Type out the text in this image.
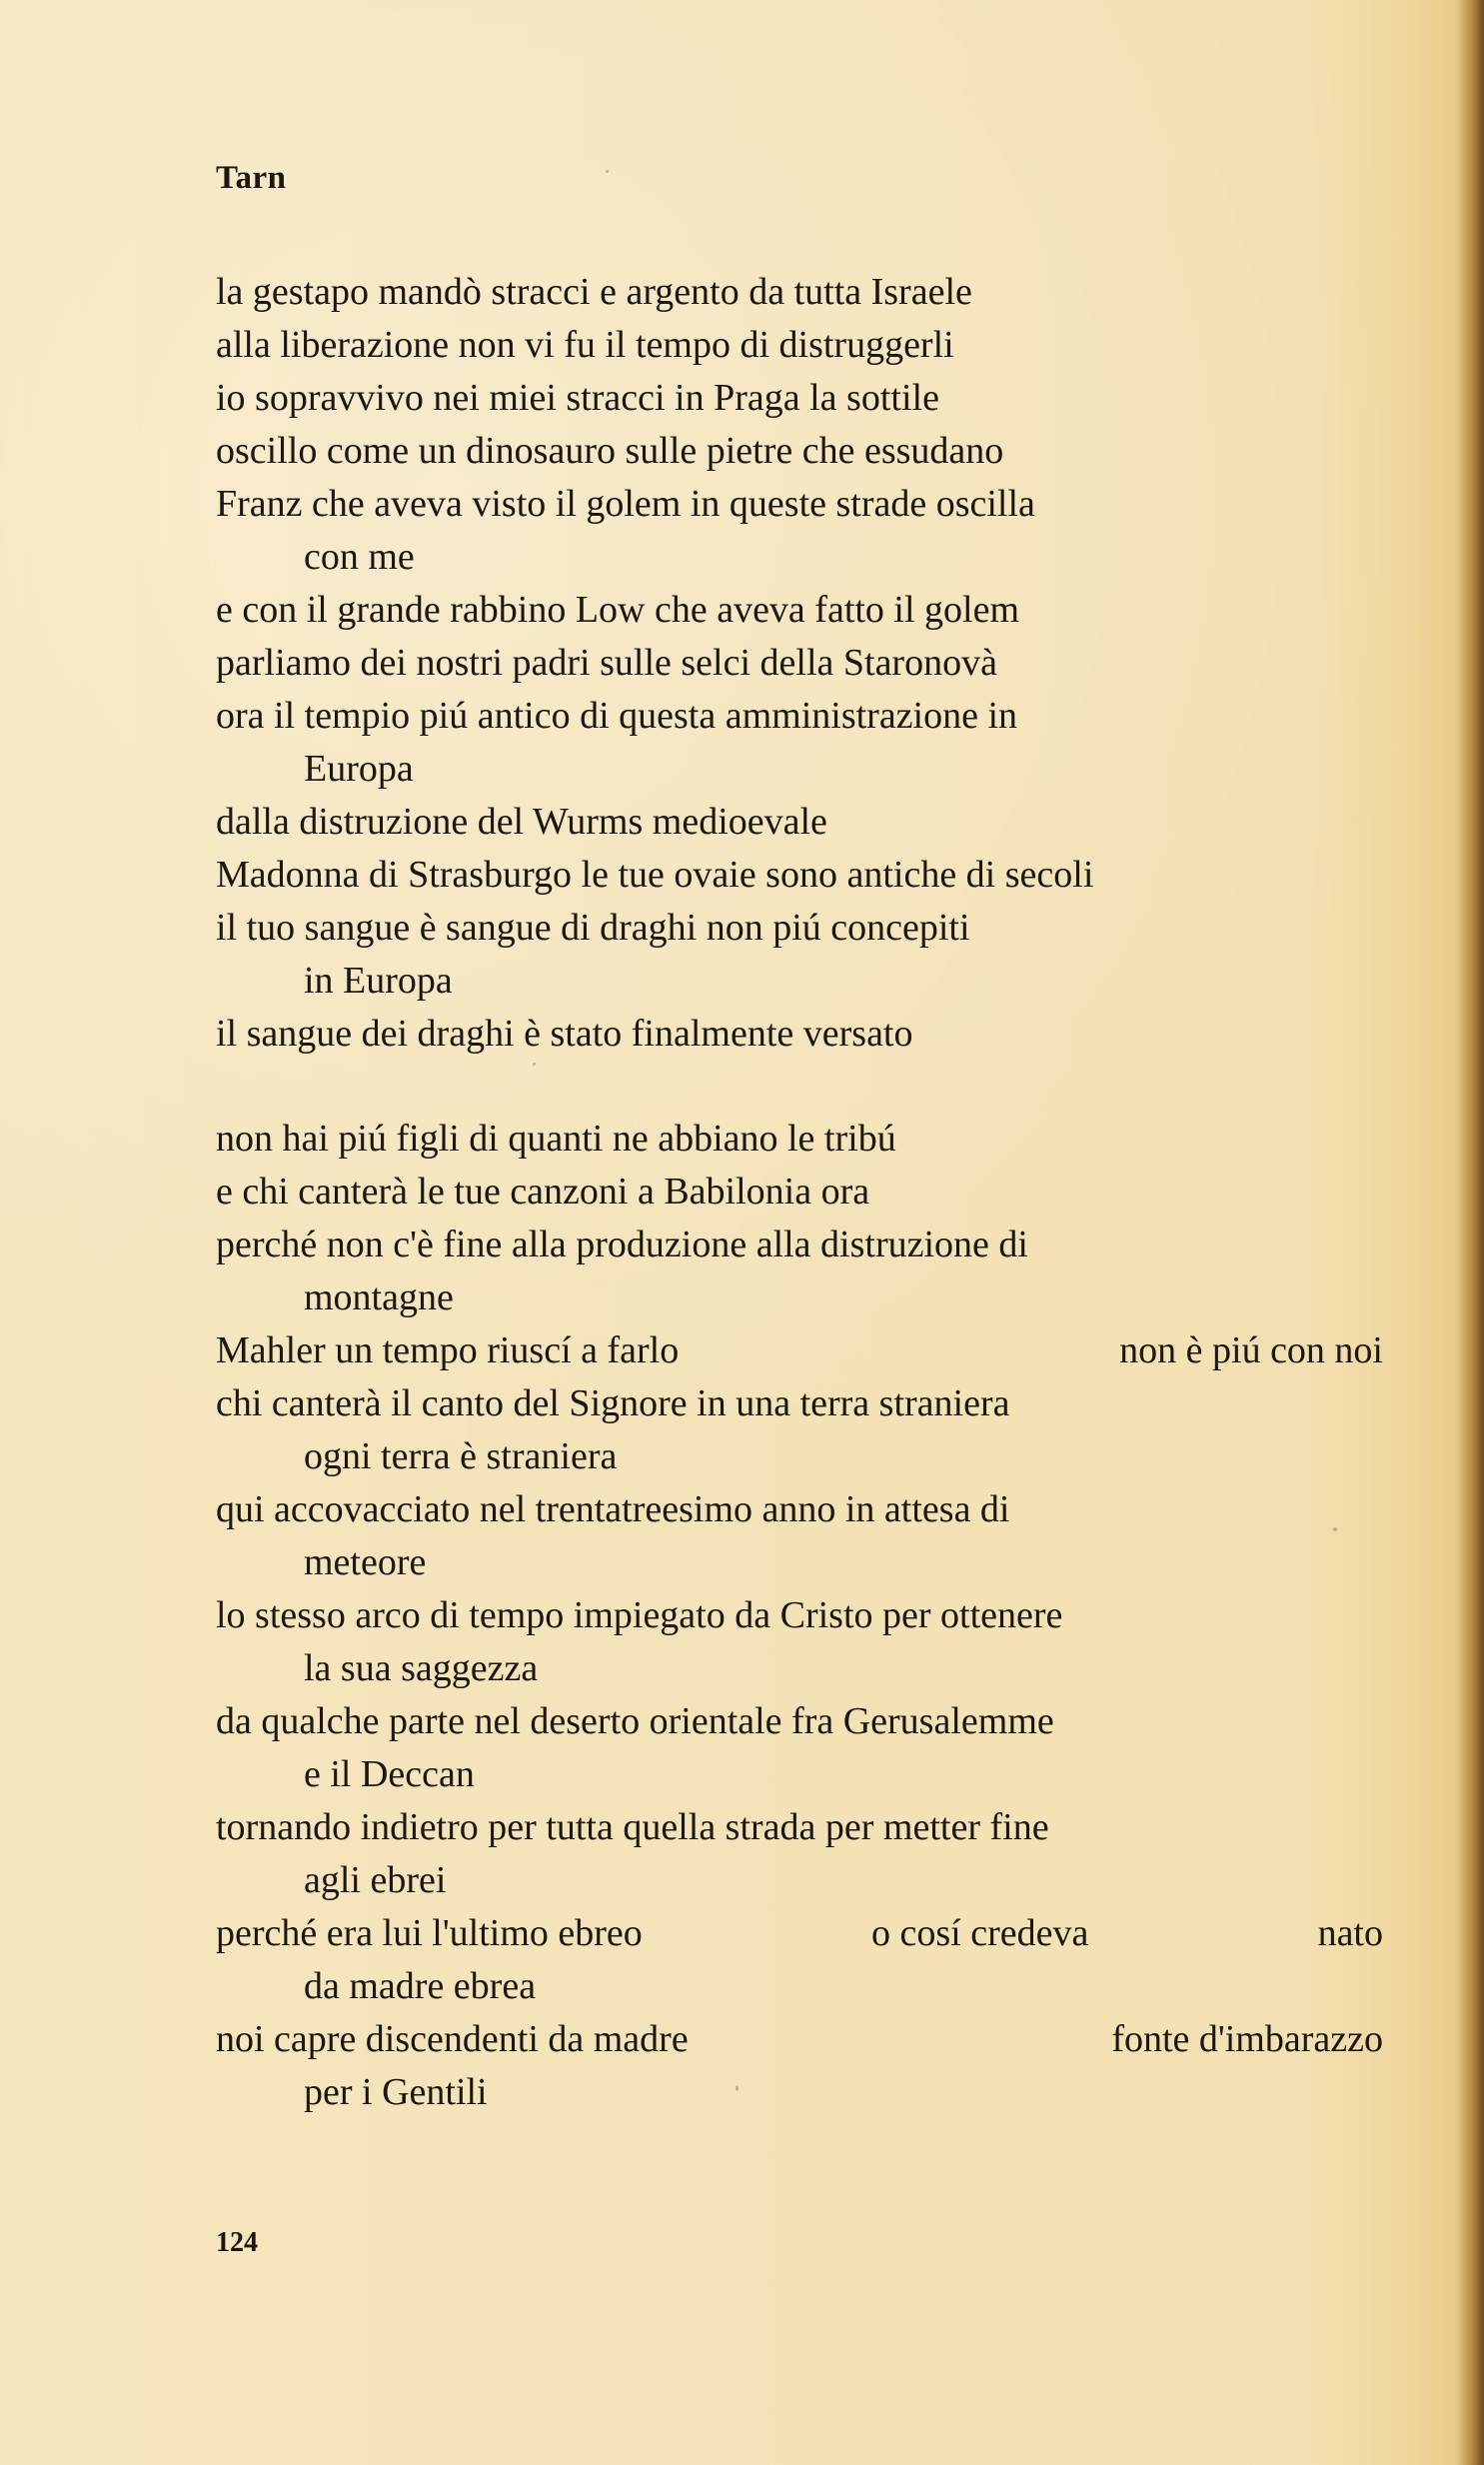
Tarn
la gestapo mandò stracci e argento da tutta Israele
alla liberazione non vi fu il tempo di distruggerli
io sopravvivo nei miei stracci in Praga la sottile
oscillo come un dinosauro sulle pietre che essudano
Franz che aveva visto il golem in queste strade oscilla
con me
e con il grande rabbino Low che aveva fatto il golem
parliamo dei nostri padri sulle selci della Staronovà
ora il tempio piú antico di questa amministrazione in
Europa
dalla distruzione del Wurms medioevale
Madonna di Strasburgo le tue ovaie sono antiche di secoli
il tuo sangue è sangue di draghi non piú concepiti
in Europa
il sangue dei draghi è stato finalmente versato
non hai piú figli di quanti ne abbiano le tribú
e chi canterà le tue canzoni a Babilonia ora
perché non c'è fine alla produzione alla distruzione di
montagne
Mahler un tempo riuscí a farlo	non è piú con noi
chi canterà il canto del Signore in una terra straniera
ogni terra è straniera
qui accovacciato nel trentatreesimo anno in attesa di
meteore
lo stesso arco di tempo impiegato da Cristo per ottenere
la sua saggezza
da qualche parte nel deserto orientale fra Gerusalemme
e il Deccan
tornando indietro per tutta quella strada per metter fine
agli ebrei
perché era lui l'ultimo ebreo	o cosí credeva	nato
da madre ebrea
noi capre discendenti da madre	fonte d'imbarazzo
per i Gentili
124
